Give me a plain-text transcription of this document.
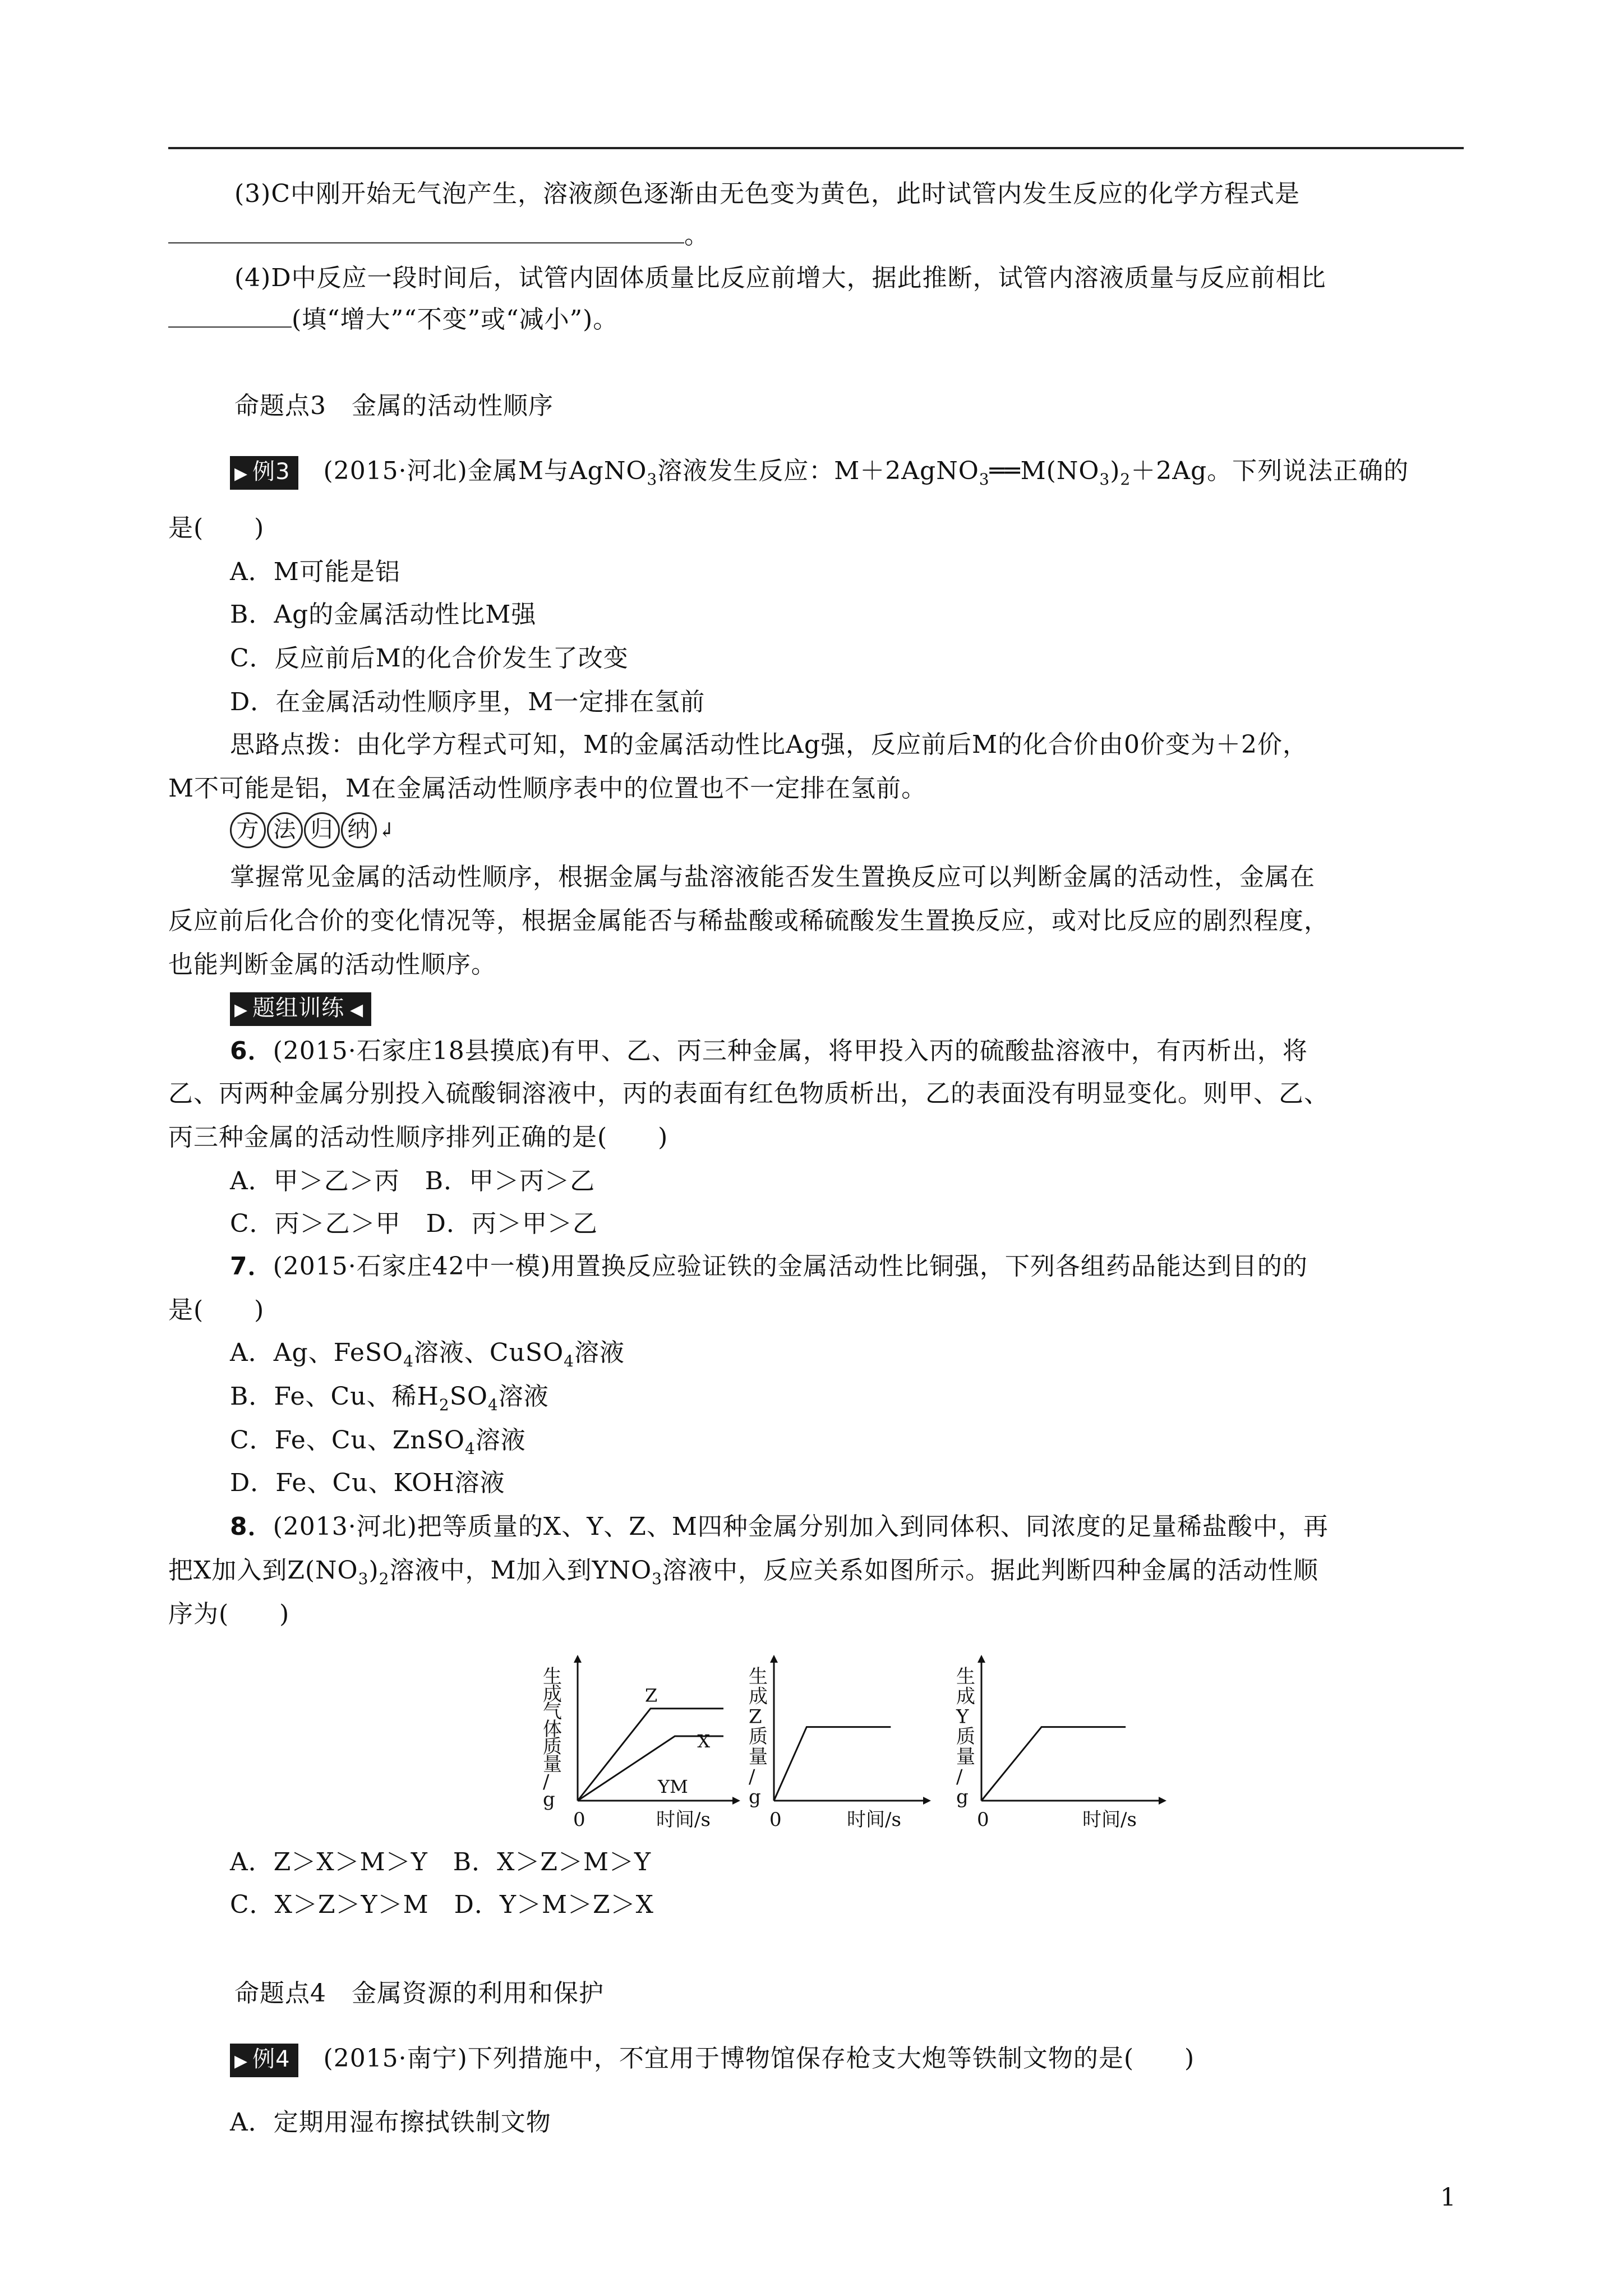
(3)C中刚开始无气泡产生，溶液颜色逐渐由无色变为黄色，此时试管内发生反应的化学方程式是
。
(4)D中反应一段时间后，试管内固体质量比反应前增大，据此推断，试管内溶液质量与反应前相比
(填“增大”“不变”或“减小”)。
命题点3　金属的活动性顺序
▶ 例3 (2015·河北)金属M与AgNO$_3$溶液发生反应：$M+2AgNO_3══M(NO_3)_2+2Ag$。下列说法正确的
是(　　)
A．M可能是铝
B．Ag的金属活动性比M强
C．反应前后M的化合价发生了改变
D．在金属活动性顺序里，M一定排在氢前
思路点拨：由化学方程式可知，M的金属活动性比Ag强，反应前后M的化合价由0价变为＋2价，
M不可能是铝，M在金属活动性顺序表中的位置也不一定排在氢前。
方 法 归 纳 ↲
掌握常见金属的活动性顺序，根据金属与盐溶液能否发生置换反应可以判断金属的活动性，金属在
反应前后化合价的变化情况等，根据金属能否与稀盐酸或稀硫酸发生置换反应，或对比反应的剧烈程度，
也能判断金属的活动性顺序。
▶ 题组训练 ◀
6．(2015·石家庄18县摸底)有甲、乙、丙三种金属，将甲投入丙的硫酸盐溶液中，有丙析出，将
乙、丙两种金属分别投入硫酸铜溶液中，丙的表面有红色物质析出，乙的表面没有明显变化。则甲、乙、
丙三种金属的活动性顺序排列正确的是(　　)
A．甲＞乙＞丙　B．甲＞丙＞乙
C．丙＞乙＞甲　D．丙＞甲＞乙
7．(2015·石家庄42中一模)用置换反应验证铁的金属活动性比铜强，下列各组药品能达到目的的
是(　　)
A．Ag、FeSO$_4$溶液、CuSO$_4$溶液
B．Fe、Cu、稀$H_2SO_4$溶液
C．Fe、Cu、ZnSO$_4$溶液
D．Fe、Cu、KOH溶液
8．(2013·河北)把等质量的X、Y、Z、M四种金属分别加入到同体积、同浓度的足量稀盐酸中，再
把X加入到$Z(NO_3)_2$溶液中，M加入到$YNO_3$溶液中，反应关系如图所示。据此判断四种金属的活动性顺
序为(　　)
生
成
气
体
质
量
/
g
0	时间/s
Z
X
YM
生
成
Z
质
量
/
g
0	时间/s
生
成
Y
质
量
/
g
0	时间/s
A．Z＞X＞M＞Y　B．X＞Z＞M＞Y
C．X＞Z＞Y＞M　D．Y＞M＞Z＞X
命题点4　金属资源的利用和保护
▶ 例4 (2015·南宁)下列措施中，不宜用于博物馆保存枪支大炮等铁制文物的是(　　)
A．定期用湿布擦拭铁制文物
1
